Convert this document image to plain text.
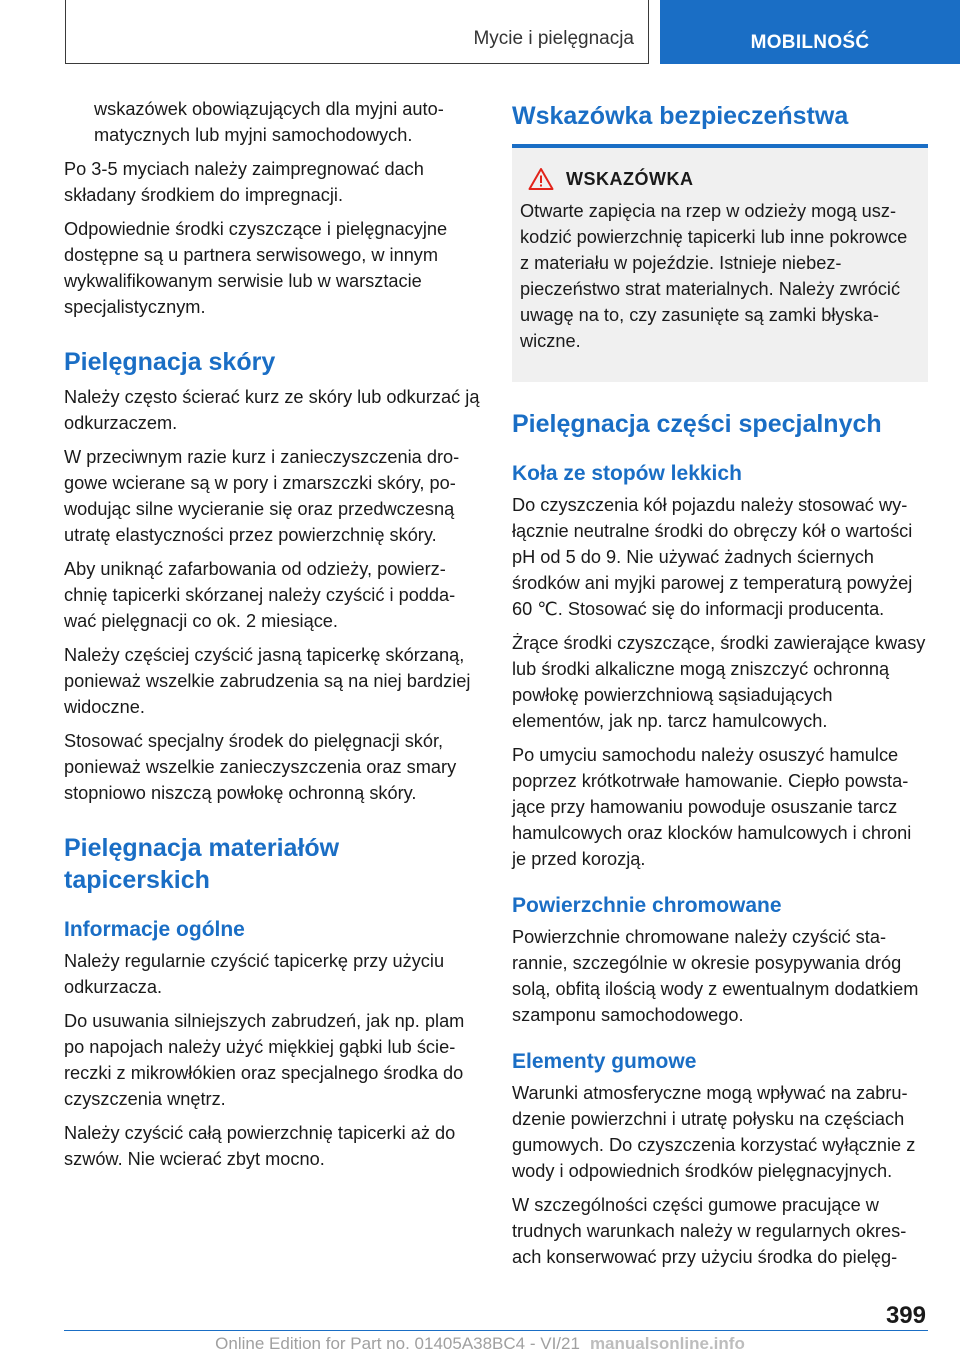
Mycie i pielęgnacja	MOBILNOŚĆ

wskazówek obowiązujących dla myjni automatycznych lub myjni samochodowych.

Po 3-5 myciach należy zaimpregnować dach składany środkiem do impregnacji.

Odpowiednie środki czyszczące i pielęgnacyjne dostępne są u partnera serwisowego, w innym wykwalifikowanym serwisie lub w warsztacie specjalistycznym.

Pielęgnacja skóry

Należy często ścierać kurz ze skóry lub odkurzać ją odkurzaczem.

W przeciwnym razie kurz i zanieczyszczenia drogowe wcierane są w pory i zmarszczki skóry, powodując silne wycieranie się oraz przedwczesną utratę elastyczności przez powierzchnię skóry.

Aby uniknąć zafarbowania od odzieży, powierzchnię tapicerki skórzanej należy czyścić i poddawać pielęgnacji co ok. 2 miesiące.

Należy częściej czyścić jasną tapicerkę skórzaną, ponieważ wszelkie zabrudzenia są na niej bardziej widoczne.

Stosować specjalny środek do pielęgnacji skór, ponieważ wszelkie zanieczyszczenia oraz smary stopniowo niszczą powłokę ochronną skóry.

Pielęgnacja materiałów tapicerskich
Informacje ogólne

Należy regularnie czyścić tapicerkę przy użyciu odkurzacza.

Do usuwania silniejszych zabrudzeń, jak np. plam po napojach należy użyć miękkiej gąbki lub ściereczki z mikrowłókien oraz specjalnego środka do czyszczenia wnętrz.

Należy czyścić całą powierzchnię tapicerki aż do szwów. Nie wcierać zbyt mocno.

Wskazówka bezpieczeństwa
WSKAZÓWKA

Otwarte zapięcia na rzep w odzieży mogą uszkodzić powierzchnię tapicerki lub inne pokrowce z materiału w pojeździe. Istnieje niebezpieczeństwo strat materialnych. Należy zwrócić uwagę na to, czy zasunięte są zamki błyskawiczne.

Pielęgnacja części specjalnych
Koła ze stopów lekkich

Do czyszczenia kół pojazdu należy stosować wyłącznie neutralne środki do obręczy kół o wartości pH od 5 do 9. Nie używać żadnych ściernych środków ani myjki parowej z temperaturą powyżej 60 ℃. Stosować się do informacji producenta.

Żrące środki czyszczące, środki zawierające kwasy lub środki alkaliczne mogą zniszczyć ochronną powłokę powierzchniową sąsiadujących elementów, jak np. tarcz hamulcowych.

Po umyciu samochodu należy osuszyć hamulce poprzez krótkotrwałe hamowanie. Ciepło powstające przy hamowaniu powoduje osuszanie tarcz hamulcowych oraz klocków hamulcowych i chroni je przed korozją.

Powierzchnie chromowane

Powierzchnie chromowane należy czyścić starannie, szczególnie w okresie posypywania dróg solą, obfitą ilością wody z ewentualnym dodatkiem szamponu samochodowego.

Elementy gumowe

Warunki atmosferyczne mogą wpływać na zabrudzenie powierzchni i utratę połysku na częściach gumowych. Do czyszczenia korzystać wyłącznie z wody i odpowiednich środków pielęgnacyjnych.

W szczególności części gumowe pracujące w trudnych warunkach należy w regularnych okresach konserwować przy użyciu środka do pielęg-

399
Online Edition for Part no. 01405A38BC4 - VI/21 manualsonline.info
